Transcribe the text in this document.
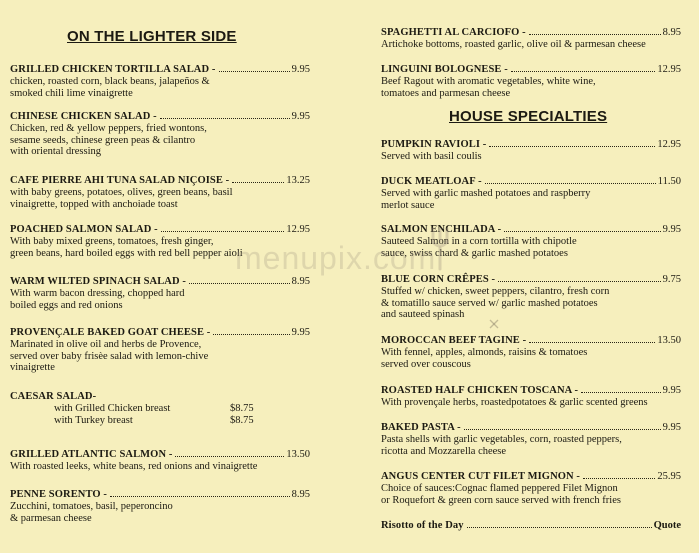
ON THE LIGHTER SIDE
GRILLED CHICKEN TORTILLA SALAD -	9.95
chicken, roasted corn, black beans, jalapeños &
smoked chili lime vinaigrette
CHINESE CHICKEN SALAD -	9.95
Chicken, red & yellow peppers, fried wontons,
sesame seeds, chinese green peas & cilantro
with oriental dressing
CAFE PIERRE AHI TUNA SALAD NIÇOISE -	13.25
with baby greens, potatoes, olives, green beans, basil
vinaigrette, topped with anchoiade toast
POACHED SALMON SALAD -	12.95
With baby mixed greens, tomatoes, fresh ginger,
green beans, hard boiled eggs with red bell pepper aioli
WARM WILTED SPINACH SALAD -	8.95
With warm bacon dressing, chopped hard
boiled eggs and red onions
PROVENÇALE BAKED GOAT CHEESE -	9.95
Marinated in olive oil and herbs de Provence,
served over baby frisèe salad with lemon-chive
vinaigrette
CAESAR SALAD-
with Grilled Chicken breast	$8.75
with Turkey breast	$8.75
GRILLED ATLANTIC SALMON -	13.50
With roasted leeks, white beans, red onions and vinaigrette
PENNE SORENTO -	8.95
Zucchini, tomatoes, basil, peperoncino
& parmesan cheese
SPAGHETTI AL CARCIOFO -	8.95
Artichoke bottoms, roasted garlic, olive oil & parmesan cheese
LINGUINI BOLOGNESE -	12.95
Beef Ragout with aromatic vegetables, white wine,
tomatoes and parmesan cheese
HOUSE SPECIALTIES
PUMPKIN RAVIOLI -	12.95
Served with basil coulis
DUCK MEATLOAF -	11.50
Served with garlic mashed potatoes and raspberry
merlot sauce
SALMON ENCHILADA -	9.95
Sauteed Salmon in a corn tortilla with chipotle
sauce, swiss chard & garlic mashed potatoes
BLUE CORN CRÊPES -	9.75
Stuffed w/ chicken, sweet peppers, cilantro, fresh corn
& tomatillo sauce served w/ garlic mashed potatoes
and sauteed spinash
MOROCCAN BEEF TAGINE -	13.50
With fennel, apples, almonds, raisins & tomatoes
served over couscous
ROASTED HALF CHICKEN TOSCANA -	9.95
With provençale herbs, roastedpotatoes & garlic scented greens
BAKED PASTA -	9.95
Pasta shells with garlic vegetables, corn, roasted peppers,
ricotta and Mozzarella cheese
ANGUS CENTER CUT FILET MIGNON -	25.95
Choice of sauces:Cognac flamed peppered Filet Mignon
or Roquefort & green corn sauce served with french fries
Risotto of the Day	Quote
menupix.com
